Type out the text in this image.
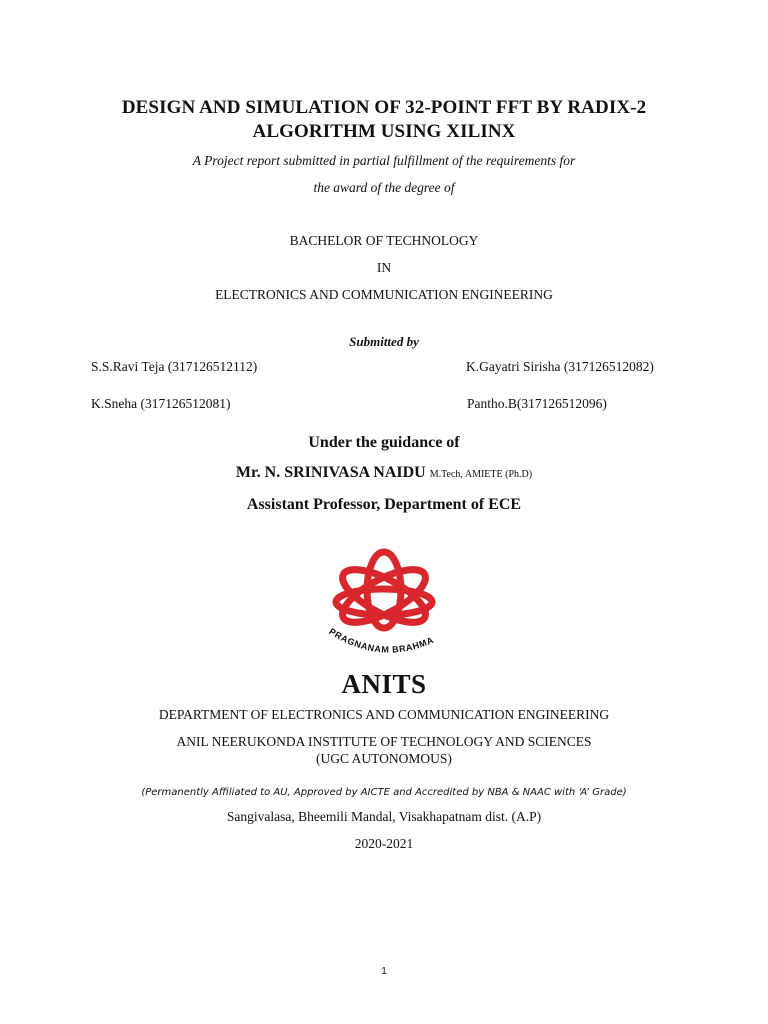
DESIGN AND SIMULATION OF 32-POINT FFT BY RADIX-2
ALGORITHM USING XILINX
A Project report submitted in partial fulfillment of the requirements for
the award of the degree of
BACHELOR OF TECHNOLOGY
IN
ELECTRONICS AND COMMUNICATION ENGINEERING
Submitted by
S.S.Ravi Teja (317126512112)	K.Gayatri Sirisha (317126512082)
K.Sneha (317126512081)	Pantho.B(317126512096)
Under the guidance of
Mr. N. SRINIVASA NAIDU M.Tech, AMIETE (Ph.D)
Assistant Professor, Department of ECE
PRAGNANAM BRAHMA
ANITS
DEPARTMENT OF ELECTRONICS AND COMMUNICATION ENGINEERING
ANIL NEERUKONDA INSTITUTE OF TECHNOLOGY AND SCIENCES
(UGC AUTONOMOUS)
(Permanently Affiliated to AU, Approved by AICTE and Accredited by NBA & NAAC with ‘A’ Grade)
Sangivalasa, Bheemili Mandal, Visakhapatnam dist. (A.P)
2020-2021
1
